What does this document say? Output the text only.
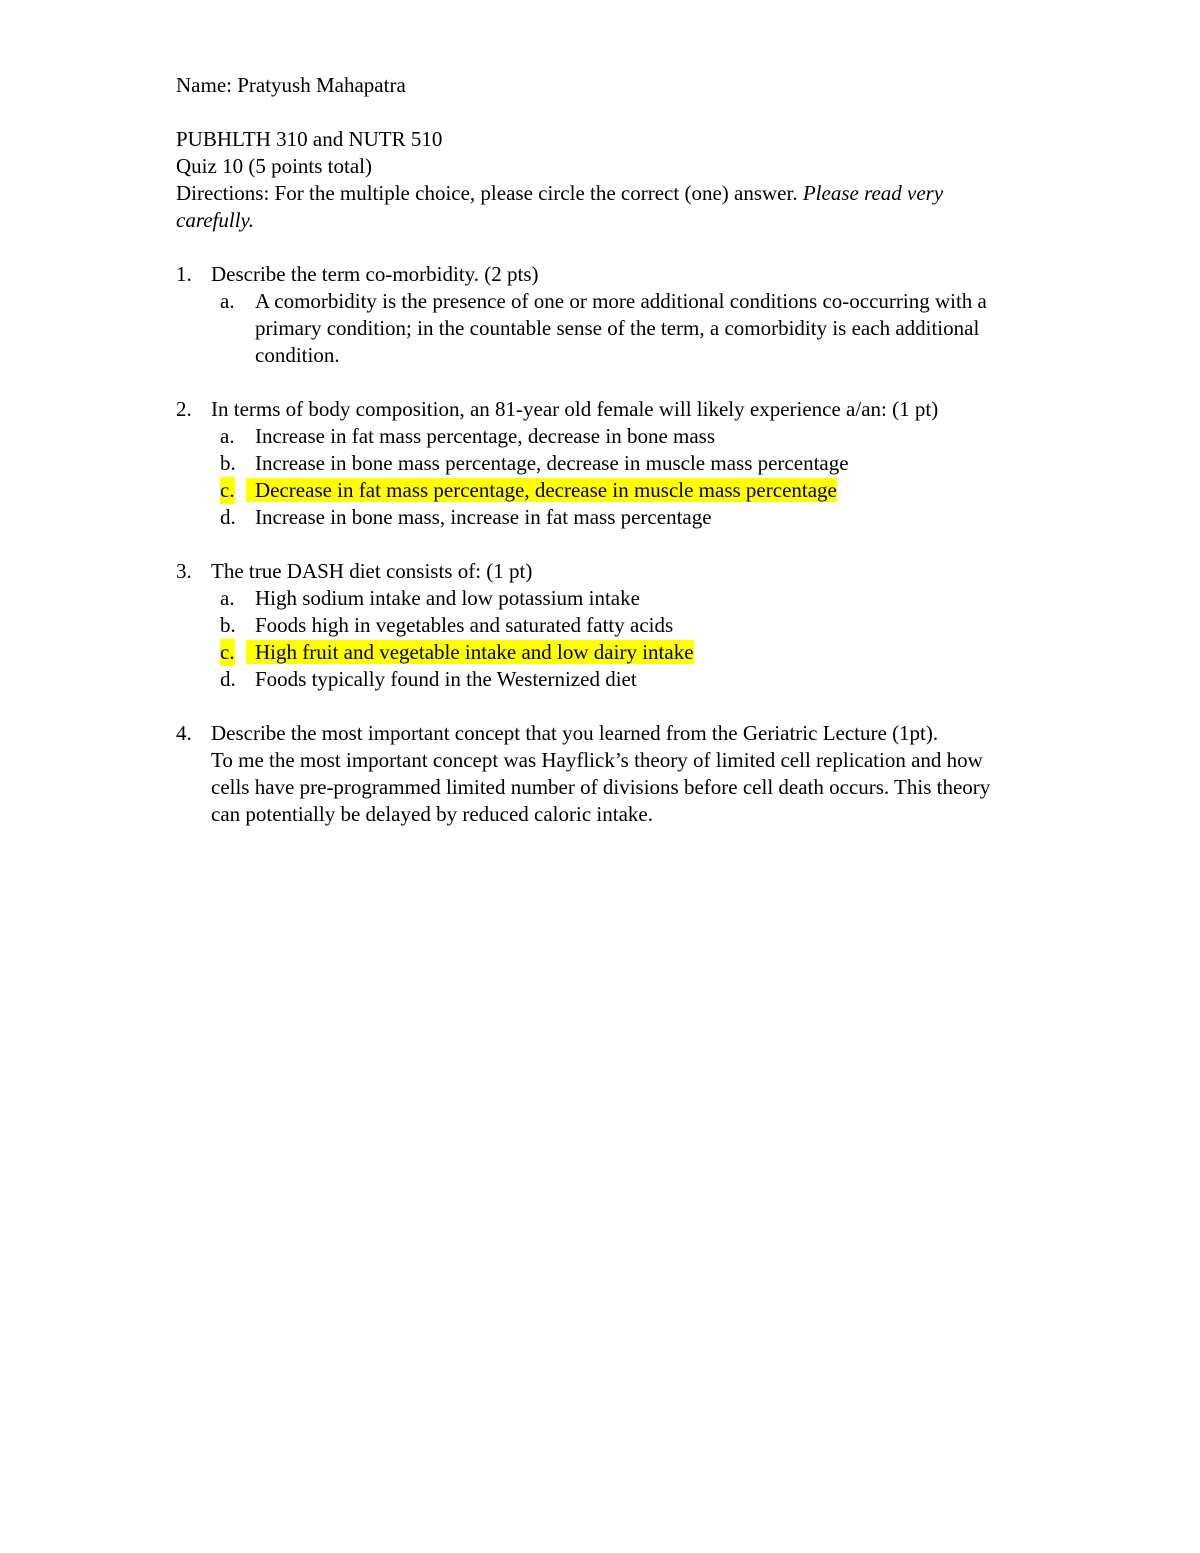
Name: Pratyush Mahapatra
PUBHLTH 310 and NUTR 510
Quiz 10 (5 points total)
Directions: For the multiple choice, please circle the correct (one) answer. Please read very carefully.
1. Describe the term co-morbidity. (2 pts)
a. A comorbidity is the presence of one or more additional conditions co-occurring with a primary condition; in the countable sense of the term, a comorbidity is each additional condition.
2. In terms of body composition, an 81-year old female will likely experience a/an: (1 pt)
a. Increase in fat mass percentage, decrease in bone mass
b. Increase in bone mass percentage, decrease in muscle mass percentage
c. Decrease in fat mass percentage, decrease in muscle mass percentage
d. Increase in bone mass, increase in fat mass percentage
3. The true DASH diet consists of: (1 pt)
a. High sodium intake and low potassium intake
b. Foods high in vegetables and saturated fatty acids
c. High fruit and vegetable intake and low dairy intake
d. Foods typically found in the Westernized diet
4. Describe the most important concept that you learned from the Geriatric Lecture (1pt).
To me the most important concept was Hayflick’s theory of limited cell replication and how cells have pre-programmed limited number of divisions before cell death occurs. This theory can potentially be delayed by reduced caloric intake.
